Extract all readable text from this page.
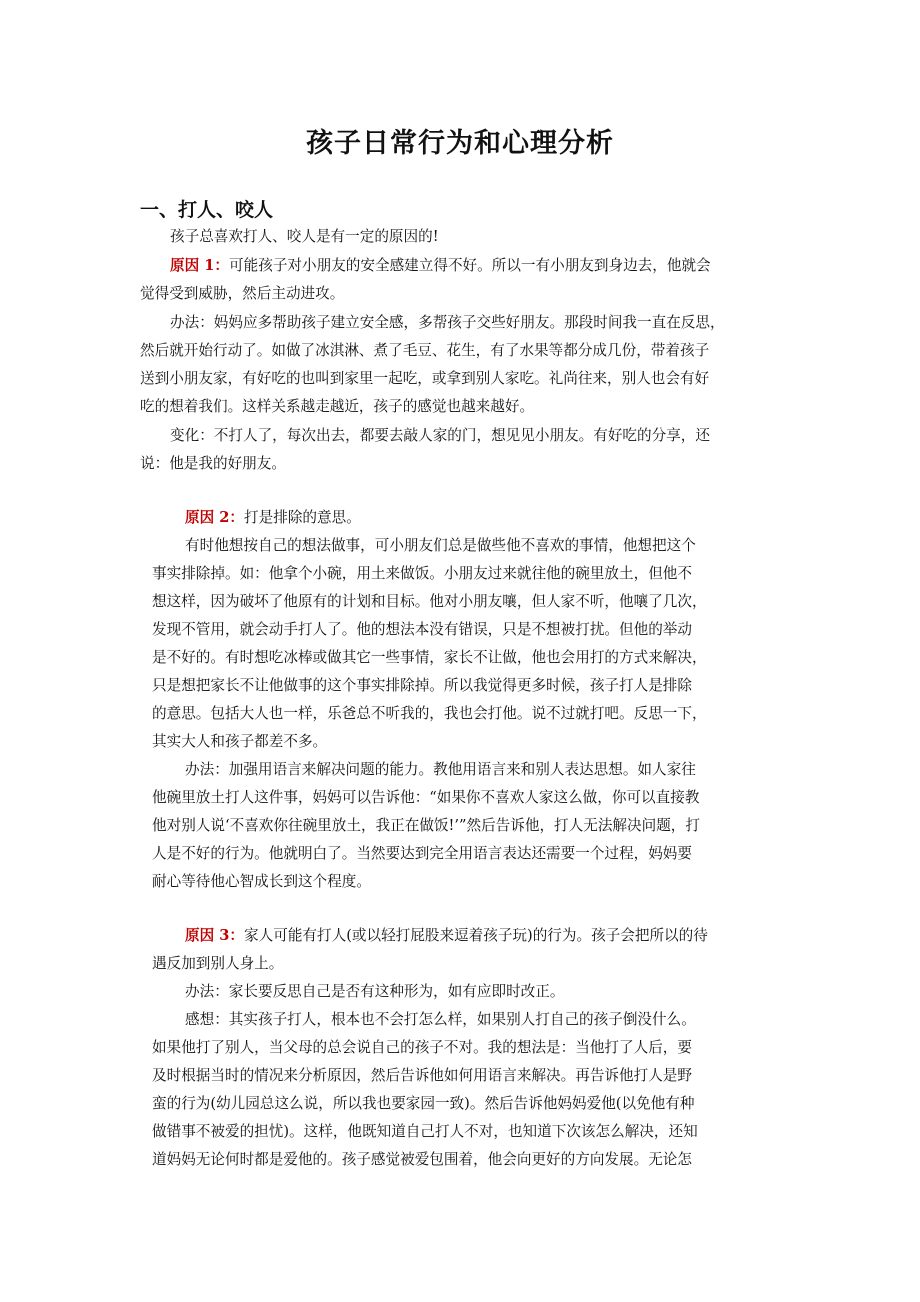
孩子日常行为和心理分析
一、打人、咬人
孩子总喜欢打人、咬人是有一定的原因的!
原因 1：可能孩子对小朋友的安全感建立得不好。所以一有小朋友到身边去，他就会
觉得受到威胁，然后主动进攻。
办法：妈妈应多帮助孩子建立安全感，多帮孩子交些好朋友。那段时间我一直在反思，
然后就开始行动了。如做了冰淇淋、煮了毛豆、花生，有了水果等都分成几份，带着孩子
送到小朋友家，有好吃的也叫到家里一起吃，或拿到别人家吃。礼尚往来，别人也会有好
吃的想着我们。这样关系越走越近，孩子的感觉也越来越好。
变化：不打人了，每次出去，都要去敲人家的门，想见见小朋友。有好吃的分享，还
说：他是我的好朋友。
原因 2：打是排除的意思。
有时他想按自己的想法做事，可小朋友们总是做些他不喜欢的事情，他想把这个
事实排除掉。如：他拿个小碗，用土来做饭。小朋友过来就往他的碗里放土，但他不
想这样，因为破坏了他原有的计划和目标。他对小朋友嚷，但人家不听，他嚷了几次，
发现不管用，就会动手打人了。他的想法本没有错误，只是不想被打扰。但他的举动
是不好的。有时想吃冰棒或做其它一些事情，家长不让做，他也会用打的方式来解决，
只是想把家长不让他做事的这个事实排除掉。所以我觉得更多时候，孩子打人是排除
的意思。包括大人也一样，乐爸总不听我的，我也会打他。说不过就打吧。反思一下，
其实大人和孩子都差不多。
办法：加强用语言来解决问题的能力。教他用语言来和别人表达思想。如人家往
他碗里放土打人这件事，妈妈可以告诉他：“如果你不喜欢人家这么做，你可以直接教
他对别人说‘不喜欢你往碗里放土，我正在做饭!’”然后告诉他，打人无法解决问题，打
人是不好的行为。他就明白了。当然要达到完全用语言表达还需要一个过程，妈妈要
耐心等待他心智成长到这个程度。
原因 3：家人可能有打人(或以轻打屁股来逗着孩子玩)的行为。孩子会把所以的待
遇反加到别人身上。
办法：家长要反思自己是否有这种形为，如有应即时改正。
感想：其实孩子打人，根本也不会打怎么样，如果别人打自己的孩子倒没什么。
如果他打了别人，当父母的总会说自己的孩子不对。我的想法是：当他打了人后，要
及时根据当时的情况来分析原因，然后告诉他如何用语言来解决。再告诉他打人是野
蛮的行为(幼儿园总这么说，所以我也要家园一致)。然后告诉他妈妈爱他(以免他有种
做错事不被爱的担忧)。这样，他既知道自己打人不对，也知道下次该怎么解决，还知
道妈妈无论何时都是爱他的。孩子感觉被爱包围着，他会向更好的方向发展。无论怎
